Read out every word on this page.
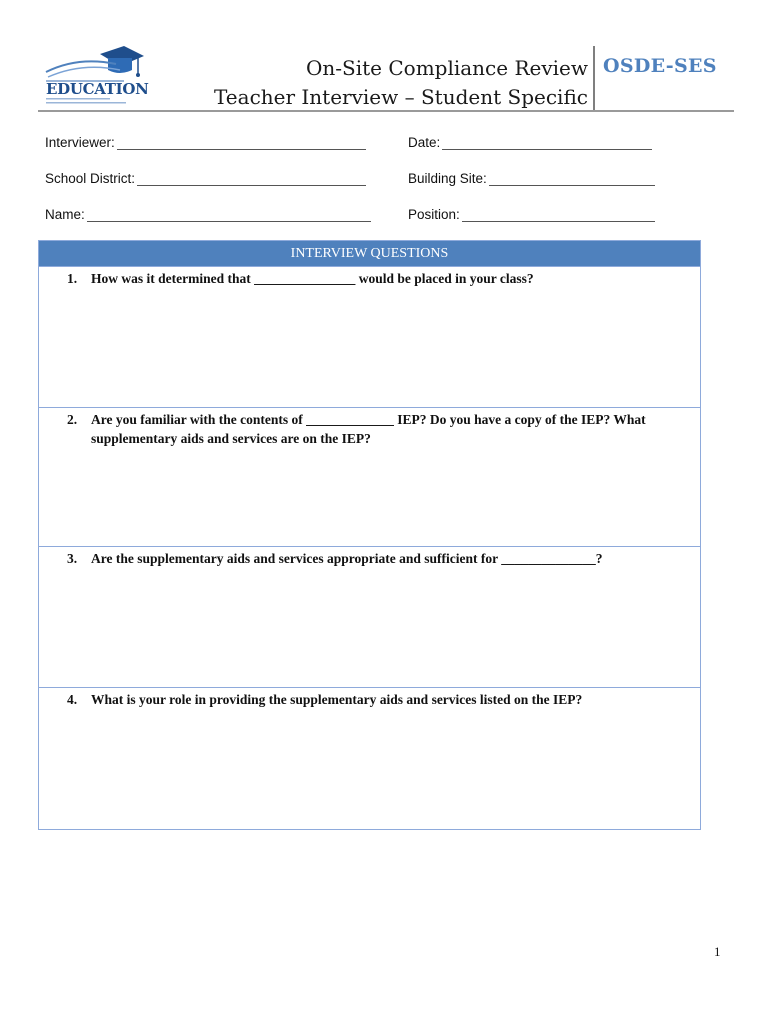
EDUCATION
On-Site Compliance Review
Teacher Interview – Student Specific
OSDE-SES
Interviewer:	Date:
School District:	Building Site:
Name:	Position:
INTERVIEW QUESTIONS
1. How was it determined that _______________ would be placed in your class?
2. Are you familiar with the contents of _____________ IEP? Do you have a copy of the IEP? What supplementary aids and services are on the IEP?
3. Are the supplementary aids and services appropriate and sufficient for ______________?
4. What is your role in providing the supplementary aids and services listed on the IEP?
1
